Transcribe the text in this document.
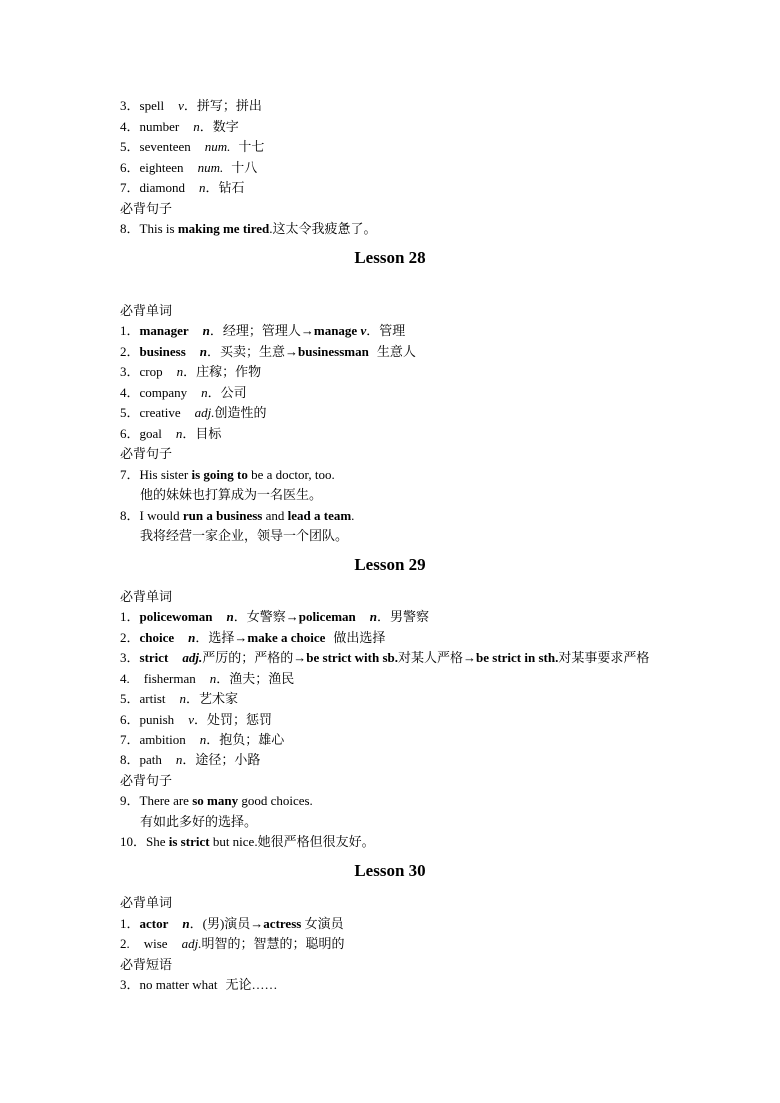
3．spell v．拼写；拼出
4．number n．数字
5．seventeen num. 十七
6．eighteen num. 十八
7．diamond n．钻石
必背句子
8．This is making me tired.这太令我疲惫了。
Lesson 28
必背单词
1．manager n．经理；管理人→manage v．管理
2．business n．买卖；生意→businessman 生意人
3．crop n．庄稼；作物
4．company n．公司
5．creative adj.创造性的
6．goal n．目标
必背句子
7．His sister is going to be a doctor, too.
他的妹妹也打算成为一名医生。
8．I would run a business and lead a team.
我将经营一家企业，领导一个团队。
Lesson 29
必背单词
1．policewoman n．女警察→policeman n．男警察
2．choice n．选择→make a choice 做出选择
3．strict adj.严厉的；严格的→be strict with sb.对某人严格→be strict in sth.对某事要求严格
4. fisherman n．渔夫；渔民
5．artist n．艺术家
6．punish v．处罚；惩罚
7．ambition n．抱负；雄心
8．path n．途径；小路
必背句子
9．There are so many good choices.
有如此多好的选择。
10．She is strict but nice.她很严格但很友好。
Lesson 30
必背单词
1．actor n．(男)演员→actress 女演员
2. wise adj.明智的；智慧的；聪明的
必背短语
3．no matter what 无论……
